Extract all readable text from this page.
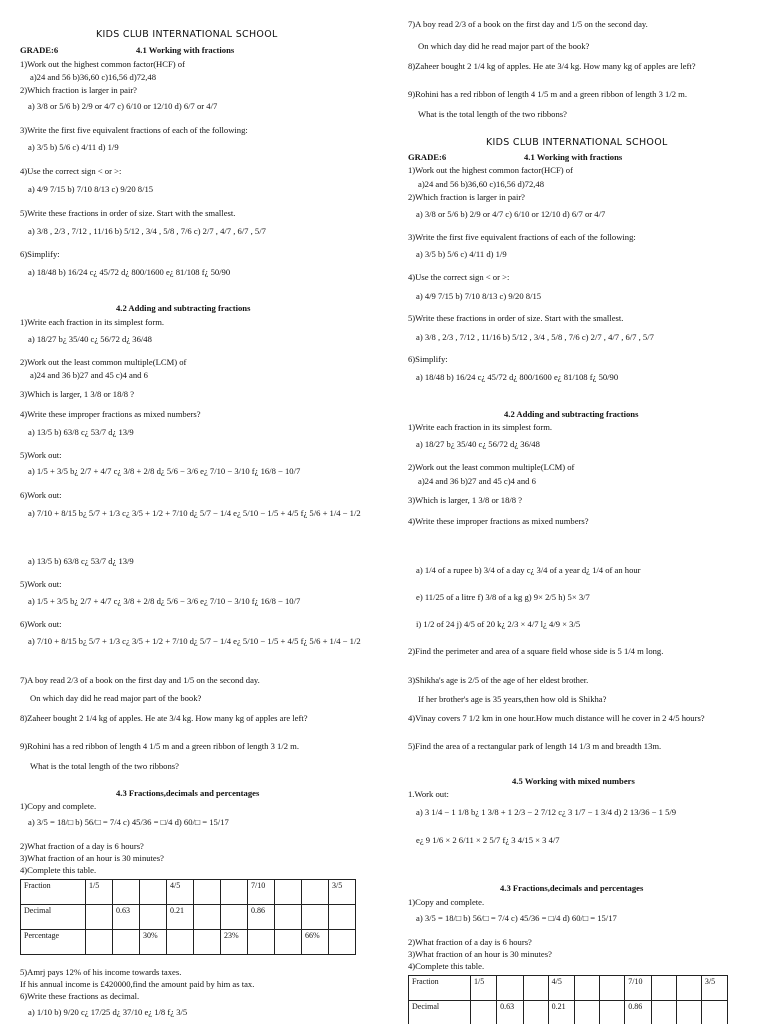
KIDS CLUB INTERNATIONAL SCHOOL
GRADE:6	4.1 Working with fractions
1)Work out the highest common factor(HCF) of
a)24 and 56 b)36,60 c)16,56 d)72,48
2)Which fraction is larger in pair?
a) 3/8 or 5/6 b) 2/9 or 4/7 c) 6/10 or 12/10 d) 6/7 or 4/7
3)Write the first five equivalent fractions of each of the following:
a) 3/5 b) 5/6 c) 4/11 d) 1/9
4)Use the correct sign < or >:
a) 4/9 7/15 b) 7/10 8/13 c) 9/20 8/15
5)Write these fractions in order of size. Start with the smallest.
a) 3/8 , 2/3 , 7/12 , 11/16 b) 5/12 , 3/4 , 5/8 , 7/6 c) 2/7 , 4/7 , 6/7 , 5/7
6)Simplify:
a) 18/48 b) 16/24 c¿ 45/72 d¿ 800/1600 e¿ 81/108 f¿ 50/90
4.2 Adding and subtracting fractions
1)Write each fraction in its simplest form.
a) 18/27 b¿ 35/40 c¿ 56/72 d¿ 36/48
2)Work out the least common multiple(LCM) of
a)24 and 36 b)27 and 45 c)4 and 6
3)Which is larger, 1 3/8 or 18/8 ?
4)Write these improper fractions as mixed numbers?
a) 13/5 b) 63/8 c¿ 53/7 d¿ 13/9
5)Work out:
a) 1/5 + 3/5 b¿ 2/7 + 4/7 c¿ 3/8 + 2/8 d¿ 5/6 − 3/6 e¿ 7/10 − 3/10 f¿ 16/8 − 10/7
6)Work out:
a) 7/10 + 8/15 b¿ 5/7 + 1/3 c¿ 3/5 + 1/2 + 7/10 d¿ 5/7 − 1/4 e¿ 5/10 − 1/5 + 4/5 f¿ 5/6 + 1/4 − 1/2
a) 13/5 b) 63/8 c¿ 53/7 d¿ 13/9
5)Work out:
a) 1/5 + 3/5 b¿ 2/7 + 4/7 c¿ 3/8 + 2/8 d¿ 5/6 − 3/6 e¿ 7/10 − 3/10 f¿ 16/8 − 10/7
6)Work out:
a) 7/10 + 8/15 b¿ 5/7 + 1/3 c¿ 3/5 + 1/2 + 7/10 d¿ 5/7 − 1/4 e¿ 5/10 − 1/5 + 4/5 f¿ 5/6 + 1/4 − 1/2
7)A boy read 2/3 of a book on the first day and 1/5 on the second day.
On which day did he read major part of the book?
8)Zaheer bought 2 1/4 kg of apples. He ate 3/4 kg. How many kg of apples are left?
9)Rohini has a red ribbon of length 4 1/5 m and a green ribbon of length 3 1/2 m.
What is the total length of the two ribbons?
4.3 Fractions,decimals and percentages
1)Copy and complete.
a) 3/5 = 18/□ b) 56/□ = 7/4 c) 45/36 = □/4 d) 60/□ = 15/17
2)What fraction of a day is 6 hours?
3)What fraction of an hour is 30 minutes?
4)Complete this table.
Fraction	1/5			4/5			7/10			3/5
Decimal		0.63		0.21			0.86			
Percentage			30%			23%			66%	
5)Amrj pays 12% of his income towards taxes.
If his annual income is £420000,find the amount paid by him as tax.
6)Write these fractions as decimal.
a) 1/10 b) 9/20 c¿ 17/25 d¿ 37/10 e¿ 1/8 f¿ 3/5
7)A boy read 2/3 of a book on the first day and 1/5 on the second day.
On which day did he read major part of the book?
8)Zaheer bought 2 1/4 kg of apples. He ate 3/4 kg. How many kg of apples are left?
9)Rohini has a red ribbon of length 4 1/5 m and a green ribbon of length 3 1/2 m.
What is the total length of the two ribbons?
KIDS CLUB INTERNATIONAL SCHOOL
GRADE:6	4.1 Working with fractions
1)Work out the highest common factor(HCF) of
a)24 and 56 b)36,60 c)16,56 d)72,48
2)Which fraction is larger in pair?
a) 3/8 or 5/6 b) 2/9 or 4/7 c) 6/10 or 12/10 d) 6/7 or 4/7
3)Write the first five equivalent fractions of each of the following:
a) 3/5 b) 5/6 c) 4/11 d) 1/9
4)Use the correct sign < or >:
a) 4/9 7/15 b) 7/10 8/13 c) 9/20 8/15
5)Write these fractions in order of size. Start with the smallest.
a) 3/8 , 2/3 , 7/12 , 11/16 b) 5/12 , 3/4 , 5/8 , 7/6 c) 2/7 , 4/7 , 6/7 , 5/7
6)Simplify:
a) 18/48 b) 16/24 c¿ 45/72 d¿ 800/1600 e¿ 81/108 f¿ 50/90
4.2 Adding and subtracting fractions
1)Write each fraction in its simplest form.
a) 18/27 b¿ 35/40 c¿ 56/72 d¿ 36/48
2)Work out the least common multiple(LCM) of
a)24 and 36 b)27 and 45 c)4 and 6
3)Which is larger, 1 3/8 or 18/8 ?
4)Write these improper fractions as mixed numbers?
a) 1/4 of a rupee b) 3/4 of a day c¿ 3/4 of a year d¿ 1/4 of an hour
e) 11/25 of a litre f) 3/8 of a kg g) 9× 2/5 h) 5× 3/7
i) 1/2 of 24 j) 4/5 of 20 k¿ 2/3 × 4/7 l¿ 4/9 × 3/5
2)Find the perimeter and area of a square field whose side is 5 1/4 m long.
3)Shikha's age is 2/5 of the age of her eldest brother.
If her brother's age is 35 years,then how old is Shikha?
4)Vinay covers 7 1/2 km in one hour.How much distance will he cover in 2 4/5 hours?
5)Find the area of a rectangular park of length 14 1/3 m and breadth 13m.
4.5 Working with mixed numbers
1.Work out:
a) 3 1/4 − 1 1/8 b¿ 1 3/8 + 1 2/3 − 2 7/12 c¿ 3 1/7 − 1 3/4 d) 2 13/36 − 1 5/9
e¿ 9 1/6 × 2 6/11 × 2 5/7 f¿ 3 4/15 × 3 4/7
4.3 Fractions,decimals and percentages
1)Copy and complete.
a) 3/5 = 18/□ b) 56/□ = 7/4 c) 45/36 = □/4 d) 60/□ = 15/17
2)What fraction of a day is 6 hours?
3)What fraction of an hour is 30 minutes?
4)Complete this table.
Fraction	1/5			4/5			7/10			3/5
Decimal		0.63		0.21			0.86			
